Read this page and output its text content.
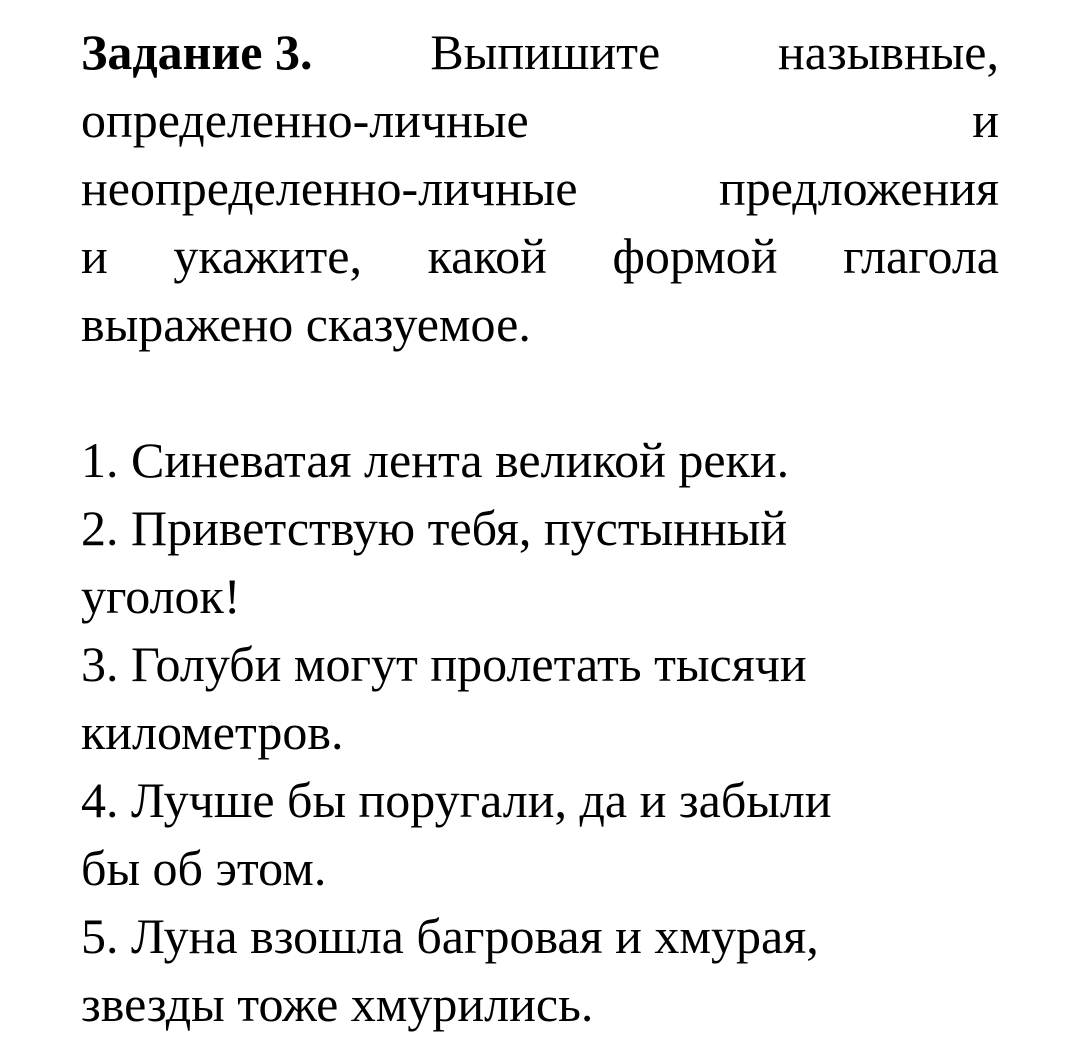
Задание 3. Выпишите назывные,
определенно-личные	и
неопределенно-личные	предложения
и укажите, какой формой глагола
выражено сказуемое.
1. Синеватая лента великой реки.
2. Приветствую тебя, пустынный
уголок!
3. Голуби могут пролетать тысячи
километров.
4. Лучше бы поругали, да и забыли
бы об этом.
5. Луна взошла багровая и хмурая,
звезды тоже хмурились.
